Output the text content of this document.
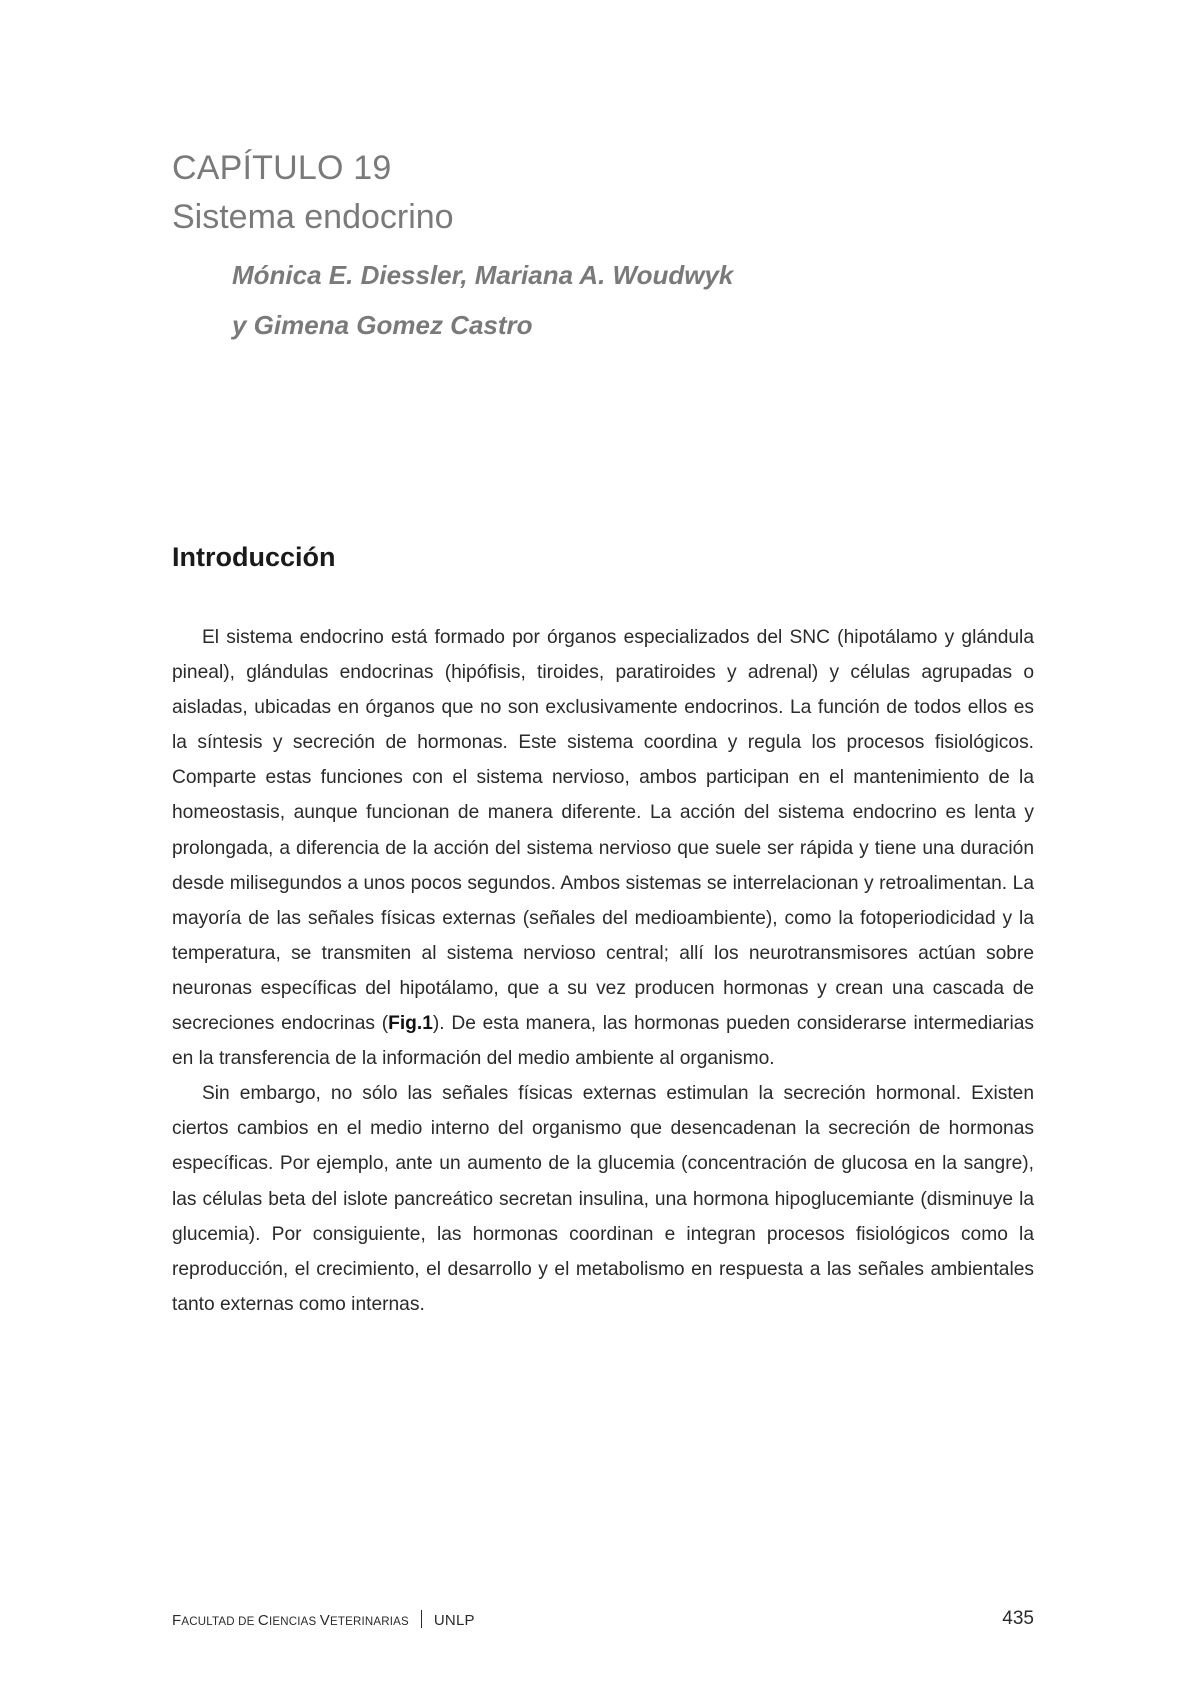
CAPÍTULO 19
Sistema endocrino
Mónica E. Diessler, Mariana A. Woudwyk
y Gimena Gomez Castro
Introducción

El sistema endocrino está formado por órganos especializados del SNC (hipotálamo y glándula pineal), glándulas endocrinas (hipófisis, tiroides, paratiroides y adrenal) y células agrupadas o aisladas, ubicadas en órganos que no son exclusivamente endocrinos. La función de todos ellos es la síntesis y secreción de hormonas. Este sistema coordina y regula los procesos fisiológicos. Comparte estas funciones con el sistema nervioso, ambos participan en el mantenimiento de la homeostasis, aunque funcionan de manera diferente. La acción del sistema endocrino es lenta y prolongada, a diferencia de la acción del sistema nervioso que suele ser rápida y tiene una duración desde milisegundos a unos pocos segundos. Ambos sistemas se interrelacionan y retroalimentan. La mayoría de las señales físicas externas (señales del medioambiente), como la fotoperiodicidad y la temperatura, se transmiten al sistema nervioso central; allí los neurotransmisores actúan sobre neuronas específicas del hipotálamo, que a su vez producen hormonas y crean una cascada de secreciones endocrinas (Fig.1). De esta manera, las hormonas pueden considerarse intermediarias en la transferencia de la información del medio ambiente al organismo.

Sin embargo, no sólo las señales físicas externas estimulan la secreción hormonal. Existen ciertos cambios en el medio interno del organismo que desencadenan la secreción de hormonas específicas. Por ejemplo, ante un aumento de la glucemia (concentración de glucosa en la sangre), las células beta del islote pancreático secretan insulina, una hormona hipoglucemiante (disminuye la glucemia). Por consiguiente, las hormonas coordinan e integran procesos fisiológicos como la reproducción, el crecimiento, el desarrollo y el metabolismo en respuesta a las señales ambientales tanto externas como internas.

FACULTAD DE CIENCIAS VETERINARIAS UNLP	435
